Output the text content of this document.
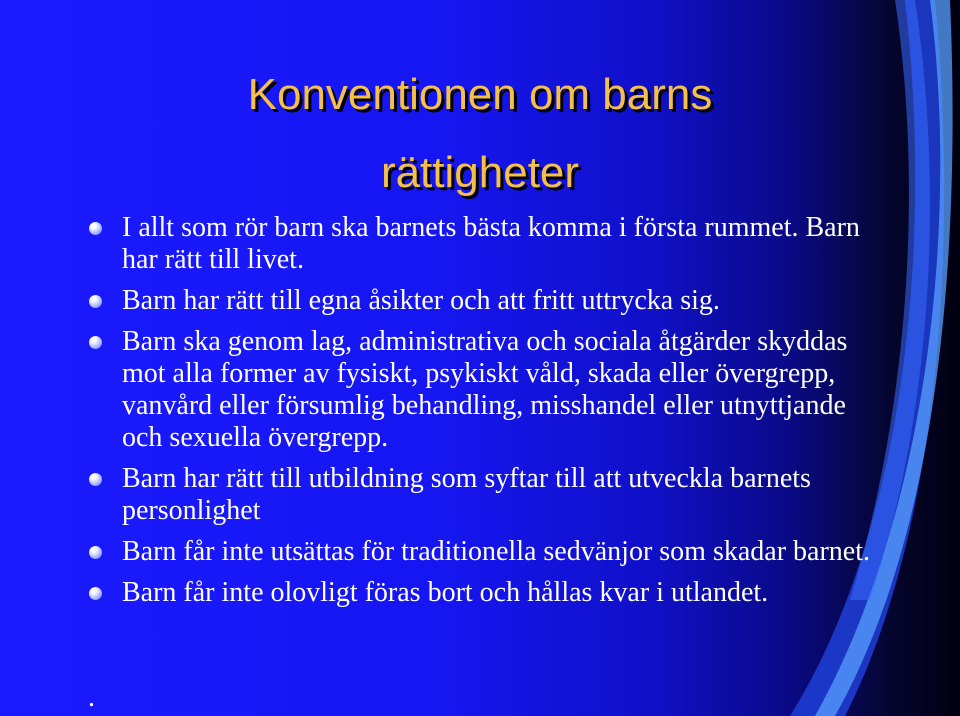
Konventionen om barns
rättigheter
I allt som rör barn ska barnets bästa komma i första rummet. Barn har rätt till livet.
Barn har rätt till egna åsikter och att fritt uttrycka sig.
Barn ska genom lag, administrativa och sociala åtgärder skyddas mot alla former av fysiskt, psykiskt våld, skada eller övergrepp, vanvård eller försumlig behandling, misshandel eller utnyttjande och sexuella övergrepp.
Barn har rätt till utbildning som syftar till att utveckla barnets personlighet
Barn får inte utsättas för traditionella sedvänjor som skadar barnet.
Barn får inte olovligt föras bort och hållas kvar i utlandet.
.
